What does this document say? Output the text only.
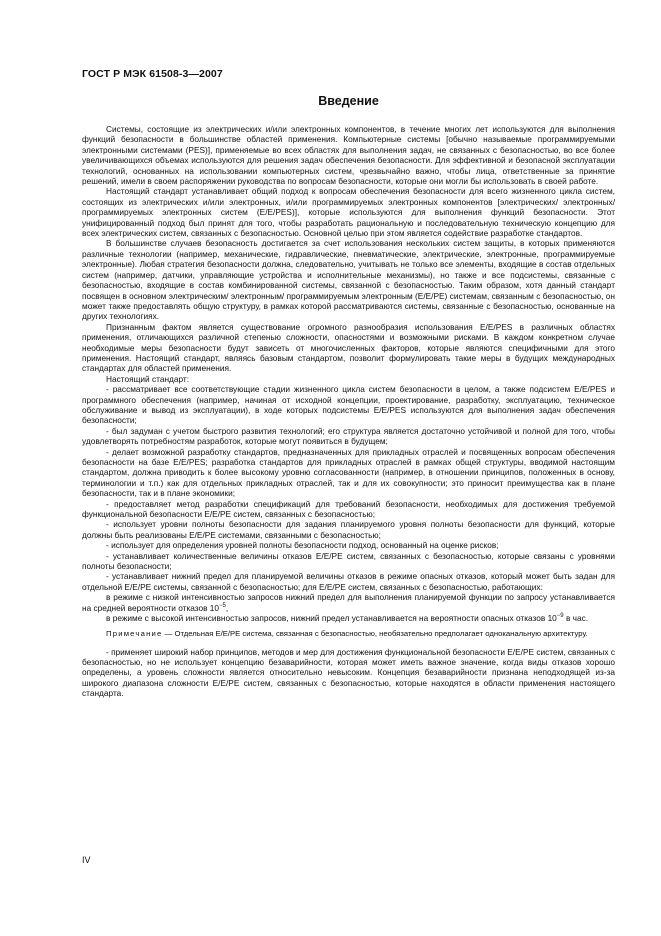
ГОСТ Р МЭК 61508-3—2007
Введение

Системы, состоящие из электрических и/или электронных компонентов, в течение многих лет используются для выполнения функций безопасности в большинстве областей применения. Компьютерные системы [обычно называемые программируемыми электронными системами (PES)], применяемые во всех областях для выполнения задач, не связанных с безопасностью, во все более увеличивающихся объемах используются для решения задач обеспечения безопасности. Для эффективной и безопасной эксплуатации технологий, основанных на использовании компьютерных систем, чрезвычайно важно, чтобы лица, ответственные за принятие решений, имели в своем распоряжении руководства по вопросам безопасности, которые они могли бы использовать в своей работе.

Настоящий стандарт устанавливает общий подход к вопросам обеспечения безопасности для всего жизненного цикла систем, состоящих из электрических и/или электронных, и/или программируемых электронных компонентов [электрических/ электронных/программируемых электронных систем (E/E/PES)], которые используются для выполнения функций безопасности. Этот унифицированный подход был принят для того, чтобы разработать рациональную и последовательную техническую концепцию для всех электрических систем, связанных с безопасностью. Основной целью при этом является содействие разработке стандартов.

В большинстве случаев безопасность достигается за счет использования нескольких систем защиты, в которых применяются различные технологии (например, механические, гидравлические, пневматические, электрические, электронные, программируемые электронные). Любая стратегия безопасности должна, следовательно, учитывать не только все элементы, входящие в состав отдельных систем (например, датчики, управляющие устройства и исполнительные механизмы), но также и все подсистемы, связанные с безопасностью, входящие в состав комбинированной системы, связанной с безопасностью. Таким образом, хотя данный стандарт посвящен в основном электрическим/ электронным/ программируемым электронным (E/E/PE) системам, связанным с безопасностью, он может также предоставлять общую структуру, в рамках которой рассматриваются системы, связанные с безопасностью, основанные на других технологиях.

Признанным фактом является существование огромного разнообразия использования E/E/PES в различных областях применения, отличающихся различной степенью сложности, опасностями и возможными рисками. В каждом конкретном случае необходимые меры безопасности будут зависеть от многочисленных факторов, которые являются специфичными для этого применения. Настоящий стандарт, являясь базовым стандартом, позволит формулировать такие меры в будущих международных стандартах для областей применения.

Настоящий стандарт:

- рассматривает все соответствующие стадии жизненного цикла систем безопасности в целом, а также подсистем E/E/PES и программного обеспечения (например, начиная от исходной концепции, проектирование, разработку, эксплуатацию, техническое обслуживание и вывод из эксплуатации), в ходе которых подсистемы E/E/PES используются для выполнения задач обеспечения безопасности;

- был задуман с учетом быстрого развития технологий; его структура является достаточно устойчивой и полной для того, чтобы удовлетворять потребностям разработок, которые могут появиться в будущем;

- делает возможной разработку стандартов, предназначенных для прикладных отраслей и посвященных вопросам обеспечения безопасности на базе E/E/PES; разработка стандартов для прикладных отраслей в рамках общей структуры, вводимой настоящим стандартом, должна приводить к более высокому уровню согласованности (например, в отношении принципов, положенных в основу, терминологии и т.п.) как для отдельных прикладных отраслей, так и для их совокупности; это приносит преимущества как в плане безопасности, так и в плане экономики;

- предоставляет метод разработки спецификаций для требований безопасности, необходимых для достижения требуемой функциональной безопасности E/E/PE систем, связанных с безопасностью;

- использует уровни полноты безопасности для задания планируемого уровня полноты безопасности для функций, которые должны быть реализованы E/E/PE системами, связанными с безопасностью;

- использует для определения уровней полноты безопасности подход, основанный на оценке рисков;

- устанавливает количественные величины отказов E/E/PE систем, связанных с безопасностью, которые связаны с уровнями полноты безопасности;

- устанавливает нижний предел для планируемой величины отказов в режиме опасных отказов, который может быть задан для отдельной E/E/PE системы, связанной с безопасностью; для E/E/PE систем, связанных с безопасностью, работающих:

в режиме с низкой интенсивностью запросов нижний предел для выполнения планируемой функции по запросу устанавливается на средней вероятности отказов $10^{-5}$,

в режиме с высокой интенсивностью запросов, нижний предел устанавливается на вероятности опасных отказов $10^{-9}$ в час.

Примечание — Отдельная E/E/PE система, связанная с безопасностью, необязательно предполагает одноканальную архитектуру.

- применяет широкий набор принципов, методов и мер для достижения функциональной безопасности E/E/PE систем, связанных с безопасностью, но не использует концепцию безаварийности, которая может иметь важное значение, когда виды отказов хорошо определены, а уровень сложности является относительно невысоким. Концепция безаварийности признана неподходящей из-за широкого диапазона сложности E/E/PE систем, связанных с безопасностью, которые находятся в области применения настоящего стандарта.

IV
